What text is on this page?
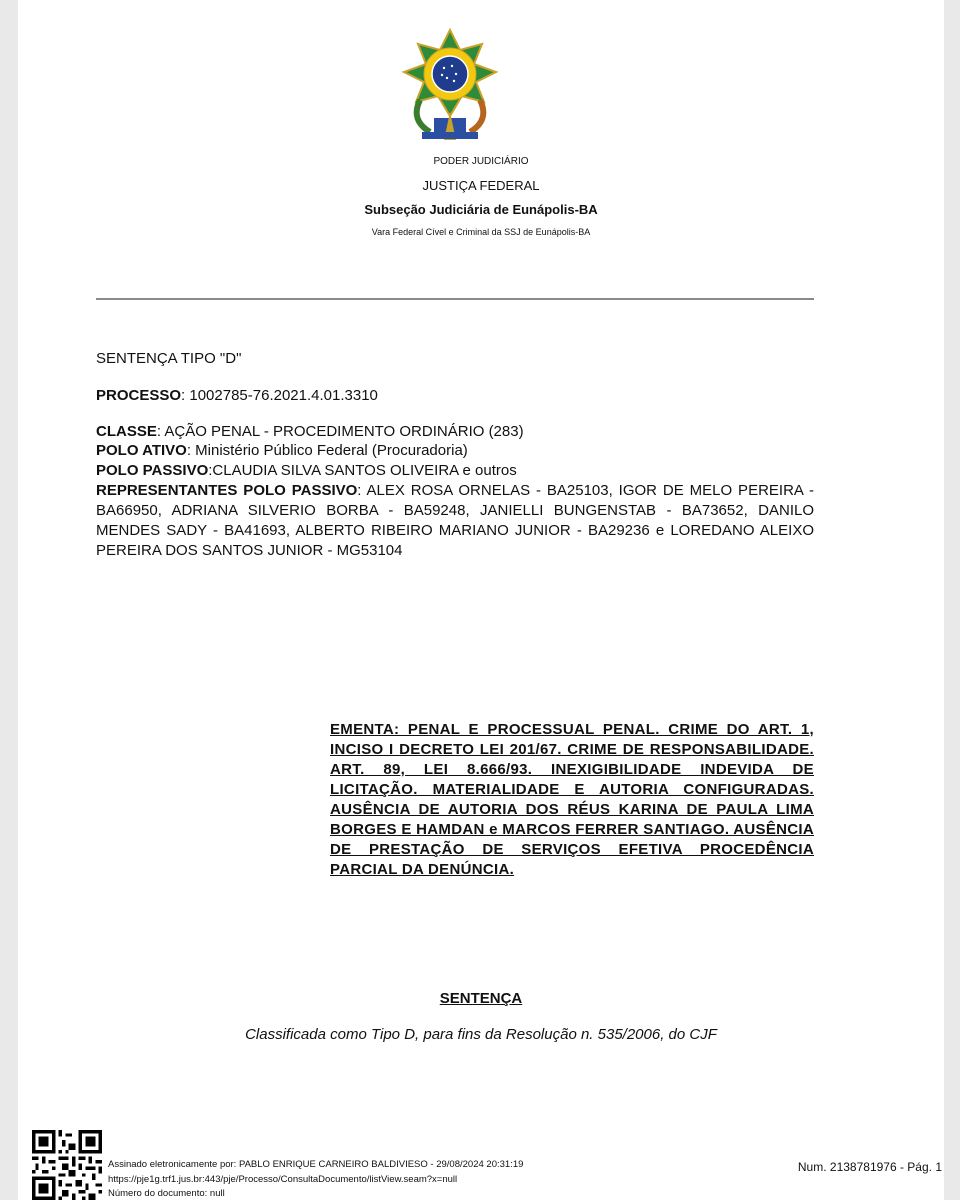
PODER JUDICIÁRIO
JUSTIÇA FEDERAL
Subseção Judiciária de Eunápolis-BA
Vara Federal Cível e Criminal da SSJ de Eunápolis-BA
SENTENÇA TIPO "D"
PROCESSO: 1002785-76.2021.4.01.3310
CLASSE: AÇÃO PENAL - PROCEDIMENTO ORDINÁRIO (283)
POLO ATIVO: Ministério Público Federal (Procuradoria)
POLO PASSIVO:CLAUDIA SILVA SANTOS OLIVEIRA e outros
REPRESENTANTES POLO PASSIVO: ALEX ROSA ORNELAS - BA25103, IGOR DE MELO PEREIRA - BA66950, ADRIANA SILVERIO BORBA - BA59248, JANIELLI BUNGENSTAB - BA73652, DANILO MENDES SADY - BA41693, ALBERTO RIBEIRO MARIANO JUNIOR - BA29236 e LOREDANO ALEIXO PEREIRA DOS SANTOS JUNIOR - MG53104
EMENTA: PENAL E PROCESSUAL PENAL. CRIME DO ART. 1, INCISO I DECRETO LEI 201/67. CRIME DE RESPONSABILIDADE. ART. 89, LEI 8.666/93. INEXIGIBILIDADE INDEVIDA DE LICITAÇÃO. MATERIALIDADE E AUTORIA CONFIGURADAS. AUSÊNCIA DE AUTORIA DOS RÉUS KARINA DE PAULA LIMA BORGES E HAMDAN e MARCOS FERRER SANTIAGO. AUSÊNCIA DE PRESTAÇÃO DE SERVIÇOS EFETIVA PROCEDÊNCIA PARCIAL DA DENÚNCIA.
SENTENÇA
Classificada como Tipo D, para fins da Resolução n. 535/2006, do CJF
Assinado eletronicamente por: PABLO ENRIQUE CARNEIRO BALDIVIESO - 29/08/2024 20:31:19
https://pje1g.trf1.jus.br:443/pje/Processo/ConsultaDocumento/listView.seam?x=null
Número do documento: null
Num. 2138781976 - Pág. 1
